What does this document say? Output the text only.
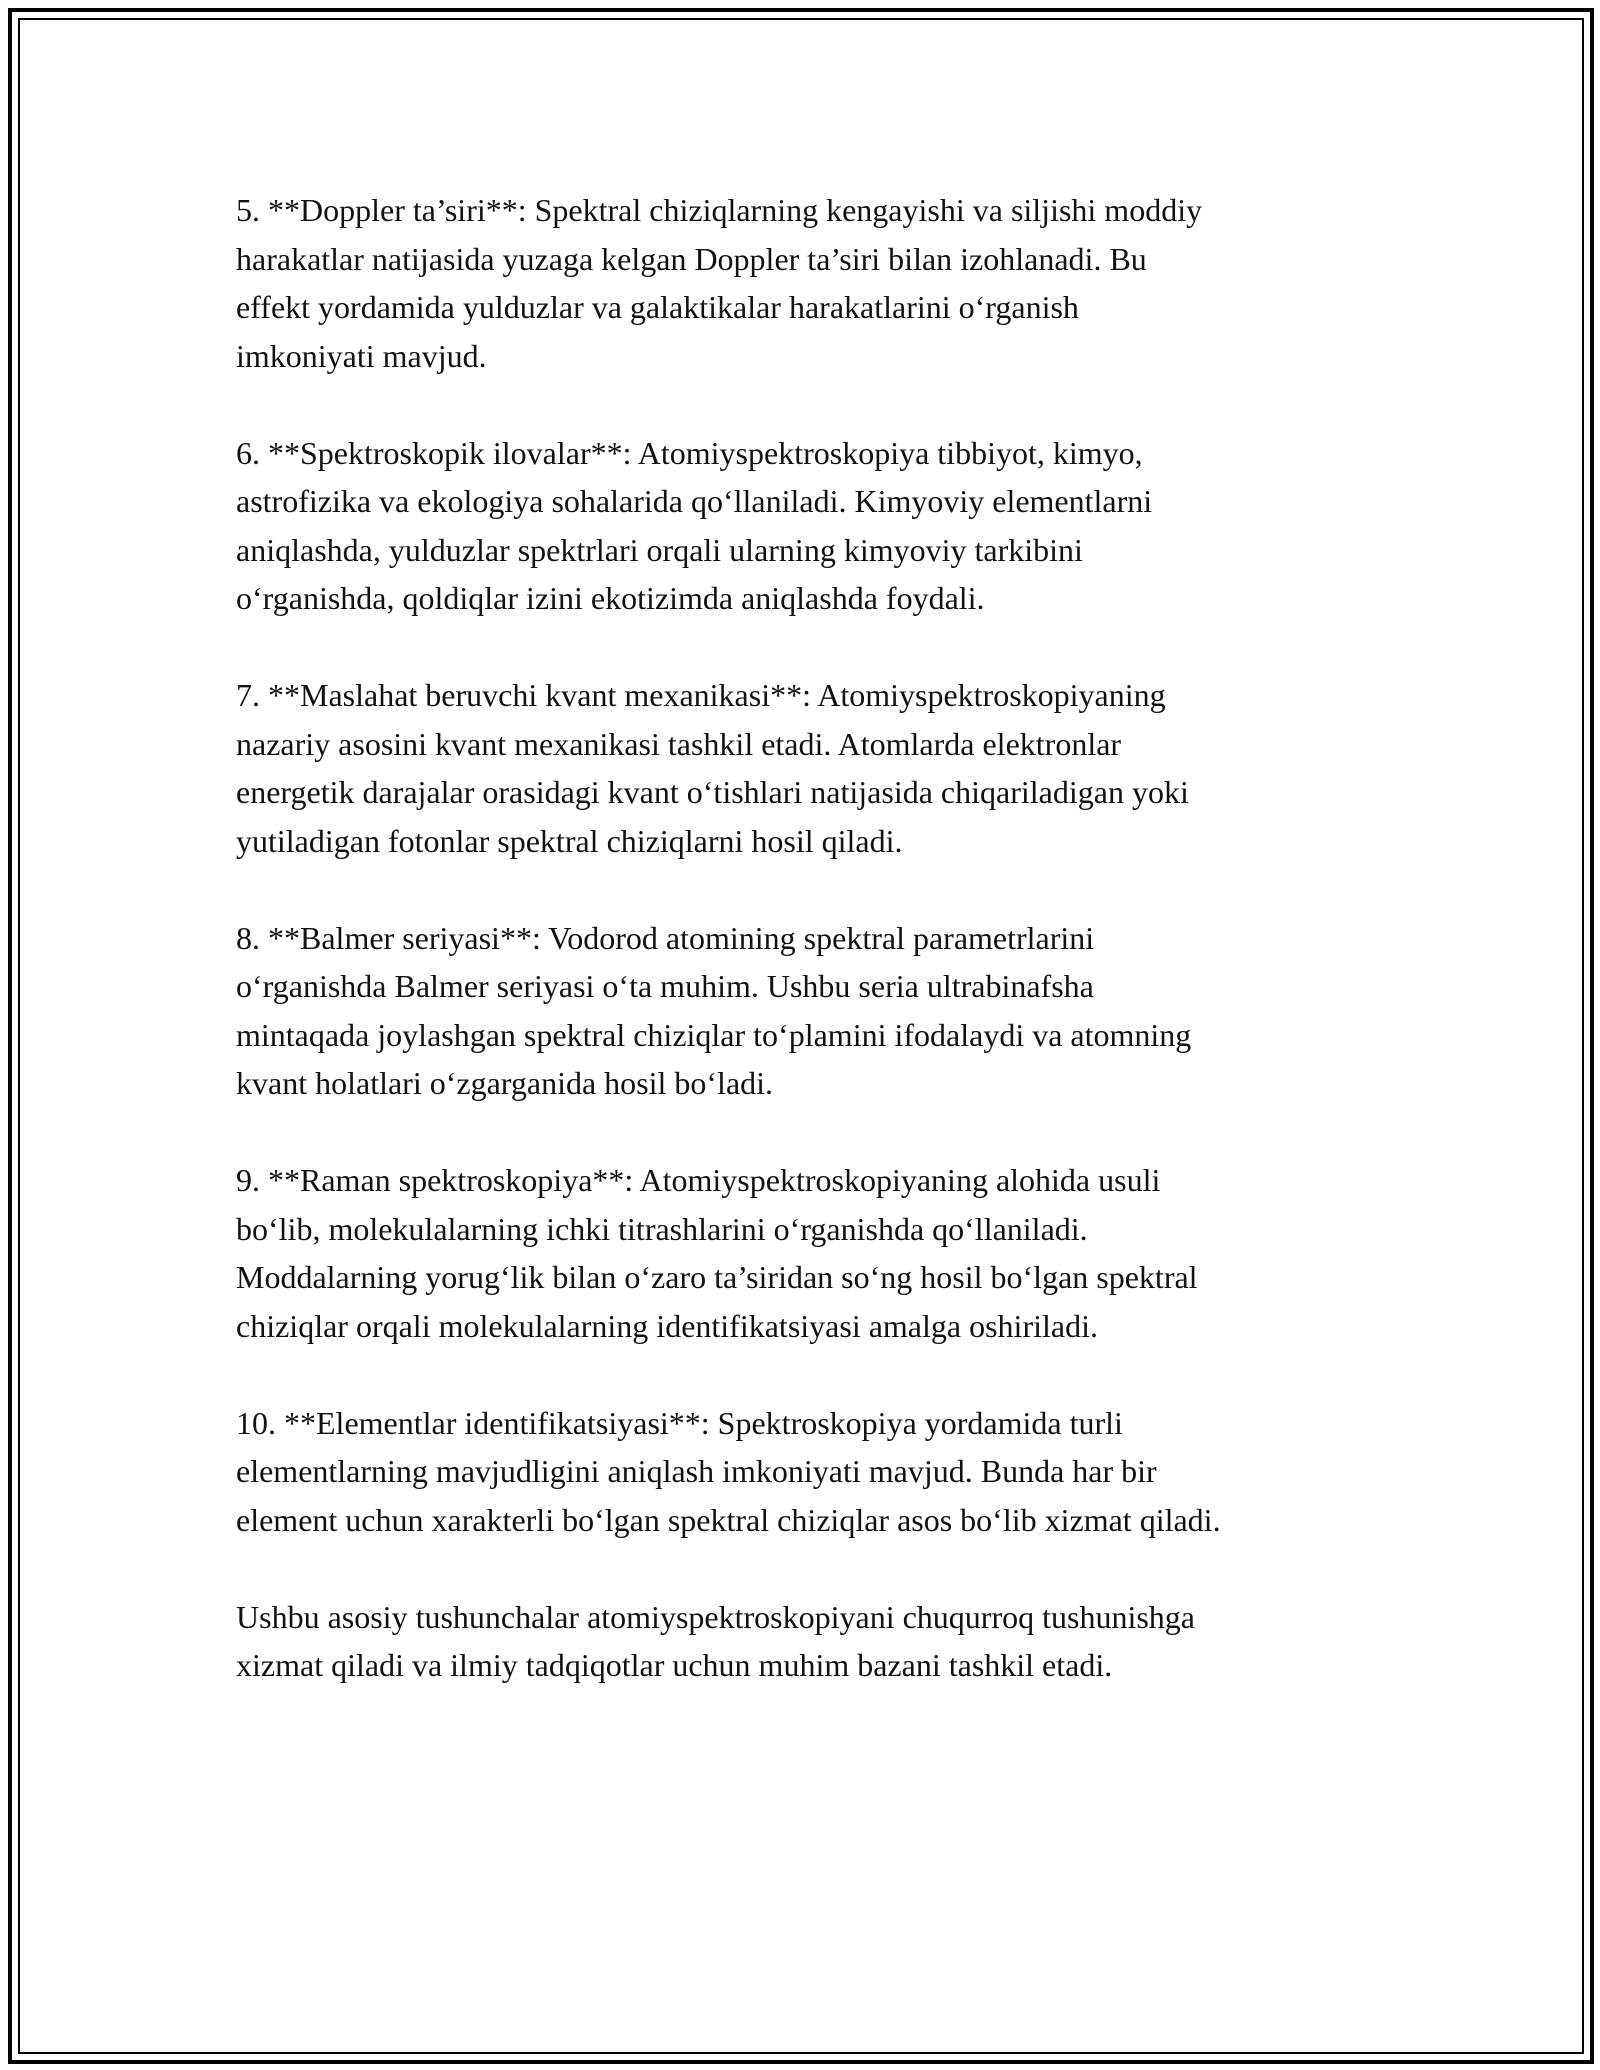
5. **Doppler ta’siri**: Spektral chiziqlarning kengayishi va siljishi moddiy
harakatlar natijasida yuzaga kelgan Doppler ta’siri bilan izohlanadi. Bu
effekt yordamida yulduzlar va galaktikalar harakatlarini oʻrganish
imkoniyati mavjud.

6. **Spektroskopik ilovalar**: Atomiyspektroskopiya tibbiyot, kimyo,
astrofizika va ekologiya sohalarida qoʻllaniladi. Kimyoviy elementlarni
aniqlashda, yulduzlar spektrlari orqali ularning kimyoviy tarkibini
oʻrganishda, qoldiqlar izini ekotizimda aniqlashda foydali.

7. **Maslahat beruvchi kvant mexanikasi**: Atomiyspektroskopiyaning
nazariy asosini kvant mexanikasi tashkil etadi. Atomlarda elektronlar
energetik darajalar orasidagi kvant oʻtishlari natijasida chiqariladigan yoki
yutiladigan fotonlar spektral chiziqlarni hosil qiladi.

8. **Balmer seriyasi**: Vodorod atomining spektral parametrlarini
oʻrganishda Balmer seriyasi oʻta muhim. Ushbu seria ultrabinafsha
mintaqada joylashgan spektral chiziqlar toʻplamini ifodalaydi va atomning
kvant holatlari oʻzgarganida hosil boʻladi.

9. **Raman spektroskopiya**: Atomiyspektroskopiyaning alohida usuli
boʻlib, molekulalarning ichki titrashlarini oʻrganishda qoʻllaniladi.
Moddalarning yorugʻlik bilan oʻzaro ta’siridan soʻng hosil boʻlgan spektral
chiziqlar orqali molekulalarning identifikatsiyasi amalga oshiriladi.

10. **Elementlar identifikatsiyasi**: Spektroskopiya yordamida turli
elementlarning mavjudligini aniqlash imkoniyati mavjud. Bunda har bir
element uchun xarakterli boʻlgan spektral chiziqlar asos boʻlib xizmat qiladi.

Ushbu asosiy tushunchalar atomiyspektroskopiyani chuqurroq tushunishga
xizmat qiladi va ilmiy tadqiqotlar uchun muhim bazani tashkil etadi.
